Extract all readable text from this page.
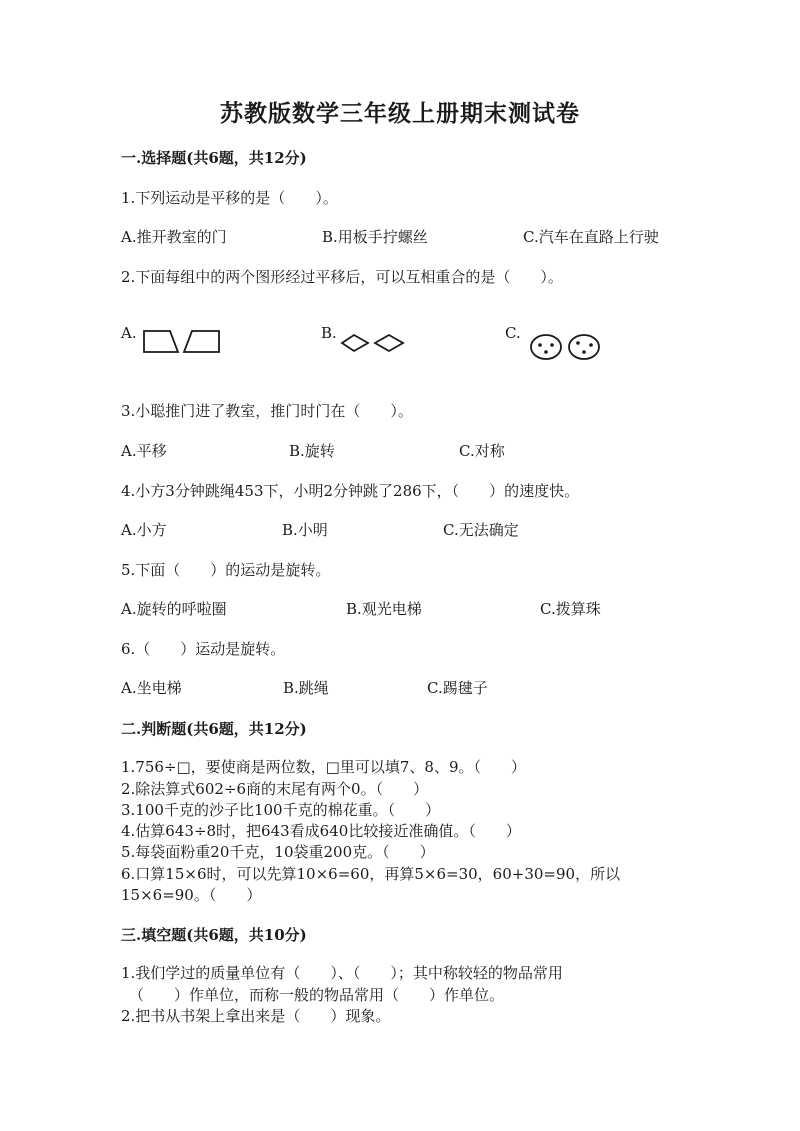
苏教版数学三年级上册期末测试卷
一.选择题(共6题，共12分)
1.下列运动是平移的是（　　）。
A.推开教室的门	B.用板手拧螺丝	C.汽车在直路上行驶
2.下面每组中的两个图形经过平移后，可以互相重合的是（　　）。
A.	B.	C.
3.小聪推门进了教室，推门时门在（　　）。
A.平移	B.旋转	C.对称
4.小方3分钟跳绳453下，小明2分钟跳了286下，（　　）的速度快。
A.小方	B.小明	C.无法确定
5.下面（　　）的运动是旋转。
A.旋转的呼啦圈	B.观光电梯	C.拨算珠
6.（　　）运动是旋转。
A.坐电梯	B.跳绳	C.踢毽子
二.判断题(共6题，共12分)
1.756÷□，要使商是两位数，□里可以填7、8、9。（　　）
2.除法算式602÷6商的末尾有两个0。（　　）
3.100千克的沙子比100千克的棉花重。（　　）
4.估算643÷8时，把643看成640比较接近准确值。（　　）
5.每袋面粉重20千克，10袋重200克。（　　）
6.口算15×6时，可以先算10×6=60，再算5×6=30，60+30=90，所以
15×6=90。（　　）
三.填空题(共6题，共10分)
1.我们学过的质量单位有（　　）、（　　）；其中称较轻的物品常用
（　　）作单位，而称一般的物品常用（　　）作单位。
2.把书从书架上拿出来是（　　）现象。
